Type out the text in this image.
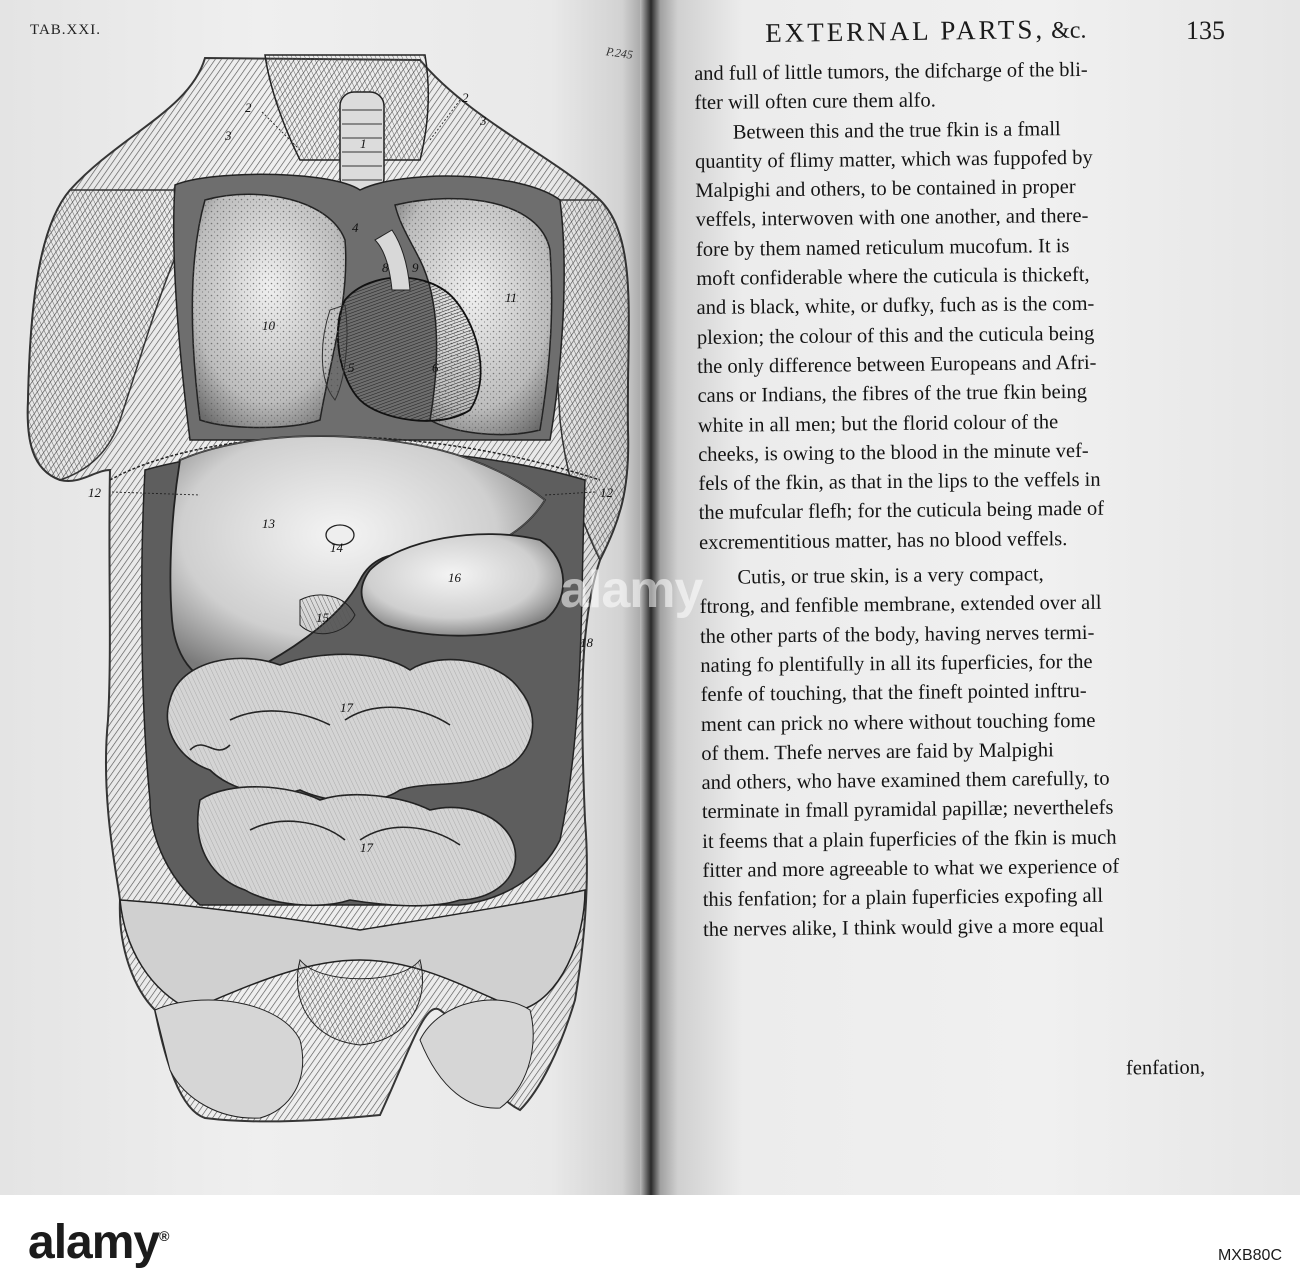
TAB.XXI.
P.245
1
2
2
3
3
4
5	6
8 9
10
11
12	12
13
14
15
16
17
17
18
EXTERNAL PARTS, &c.	135
and full of little tumors, the difcharge of the bli-
fter will often cure them alfo.
Between this and the true fkin is a fmall
quantity of flimy matter, which was fuppofed by
Malpighi and others, to be contained in proper
veffels, interwoven with one another, and there-
fore by them named reticulum mucofum. It is
moft confiderable where the cuticula is thickeft,
and is black, white, or dufky, fuch as is the com-
plexion; the colour of this and the cuticula being
the only difference between Europeans and Afri-
cans or Indians, the fibres of the true fkin being
white in all men; but the florid colour of the
cheeks, is owing to the blood in the minute vef-
fels of the fkin, as that in the lips to the veffels in
the mufcular flefh; for the cuticula being made of
excrementitious matter, has no blood veffels.
Cutis, or true skin, is a very compact,
ftrong, and fenfible membrane, extended over all
the other parts of the body, having nerves termi-
nating fo plentifully in all its fuperficies, for the
fenfe of touching, that the fineft pointed inftru-
ment can prick no where without touching fome
of them. Thefe nerves are faid by Malpighi
and others, who have examined them carefully, to
terminate in fmall pyramidal papillæ; neverthelefs
it feems that a plain fuperficies of the fkin is much
fitter and more agreeable to what we experience of
this fenfation; for a plain fuperficies expofing all
the nerves alike, I think would give a more equal
fenfation,
alamy
alamy®
MXB80C
